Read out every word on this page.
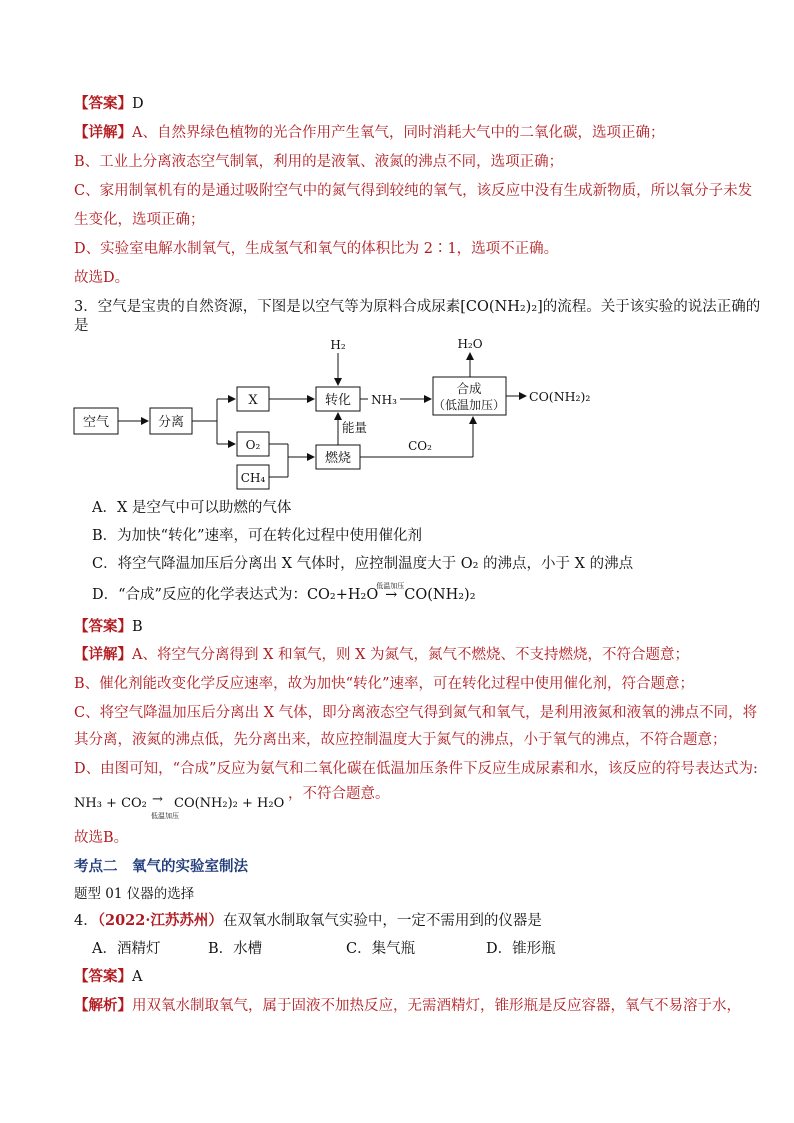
【答案】D
【详解】A、自然界绿色植物的光合作用产生氧气，同时消耗大气中的二氧化碳，选项正确；
B、工业上分离液态空气制氧，利用的是液氧、液氮的沸点不同，选项正确；
C、家用制氧机有的是通过吸附空气中的氮气得到较纯的氧气，该反应中没有生成新物质，所以氧分子未发
生变化，选项正确；
D、实验室电解水制氧气，生成氢气和氧气的体积比为 2∶1，选项不正确。
故选D。
3．空气是宝贵的自然资源，下图是以空气等为原料合成尿素[CO(NH₂)₂]的流程。关于该实验的说法正确的
是
空气	分离
X
O₂
CH₄
转化
H₂
燃烧
能量
NH₃
CO₂
合成
（低温加压）
H₂O
CO(NH₂)₂
A．X 是空气中可以助燃的气体
B．为加快“转化”速率，可在转化过程中使用催化剂
C．将空气降温加压后分离出 X 气体时，应控制温度大于 O₂ 的沸点，小于 X 的沸点
D．“合成”反应的化学表达式为：CO₂+H₂O
低温加压
→ CO(NH₂)₂
【答案】B
【详解】A、将空气分离得到 X 和氧气，则 X 为氮气，氮气不燃烧、不支持燃烧，不符合题意；
B、催化剂能改变化学反应速率，故为加快“转化”速率，可在转化过程中使用催化剂，符合题意；
C、将空气降温加压后分离出 X 气体，即分离液态空气得到氮气和氧气，是利用液氮和液氧的沸点不同，将
其分离，液氮的沸点低，先分离出来，故应控制温度大于氮气的沸点，小于氧气的沸点，不符合题意；
D、由图可知，“合成”反应为氨气和二氧化碳在低温加压条件下反应生成尿素和水，该反应的符号表达式为:
NH₃ + CO₂ →
低温加压
CO(NH₂)₂ + H₂O
，不符合题意。
故选B。
考点二　氧气的实验室制法
题型 01 仪器的选择
4．（2022·江苏苏州）在双氧水制取氧气实验中，一定不需用到的仪器是
A．酒精灯	B．水槽	C．集气瓶	D．锥形瓶
【答案】A
【解析】用双氧水制取氧气，属于固液不加热反应，无需酒精灯，锥形瓶是反应容器，氧气不易溶于水，
